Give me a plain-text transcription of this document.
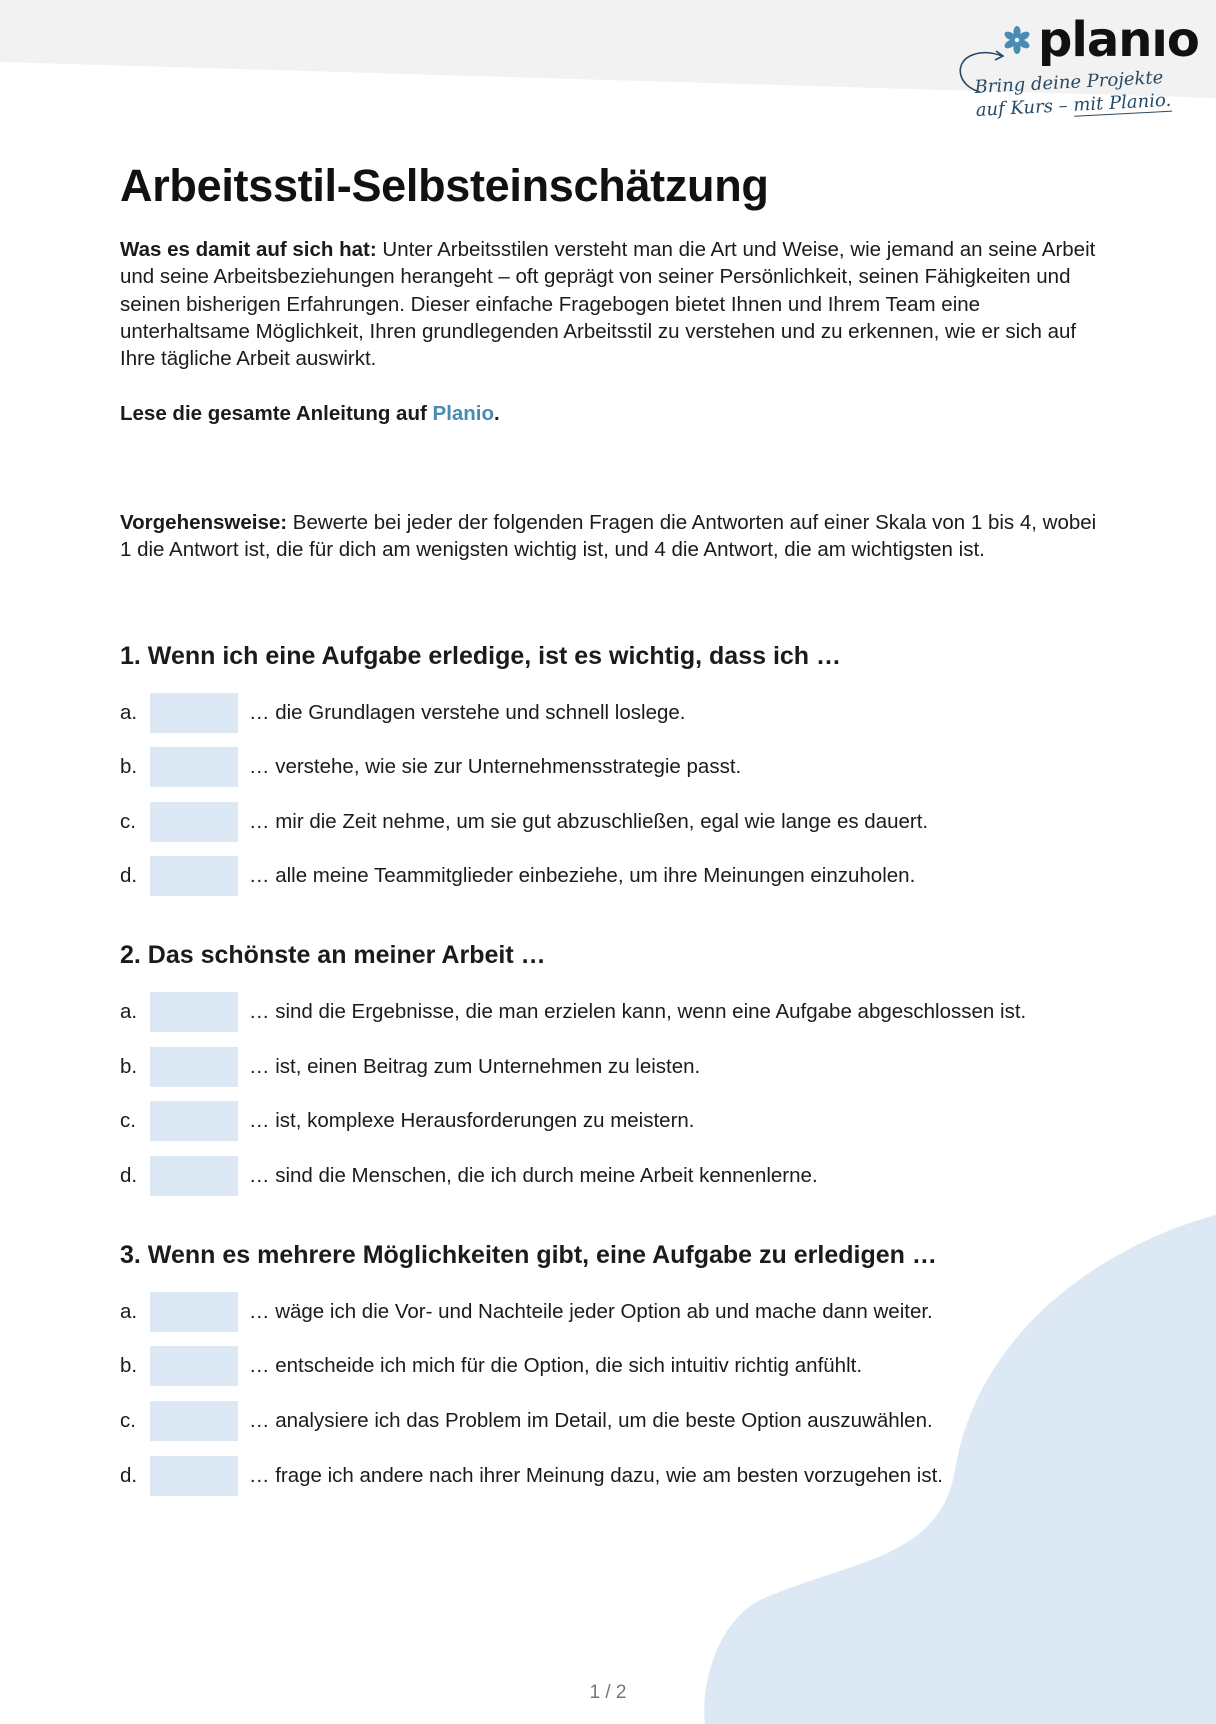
planıo
Bring deine Projekte
auf Kurs – mit Planio.
Arbeitsstil-Selbsteinschätzung

Was es damit auf sich hat: Unter Arbeitsstilen versteht man die Art und Weise, wie jemand an seine Arbeit und seine Arbeitsbeziehungen herangeht – oft geprägt von seiner Persönlichkeit, seinen Fähigkeiten und seinen bisherigen Erfahrungen. Dieser einfache Fragebogen bietet Ihnen und Ihrem Team eine unterhaltsame Möglichkeit, Ihren grundlegenden Arbeitsstil zu verstehen und zu erkennen, wie er sich auf Ihre tägliche Arbeit auswirkt.

Lese die gesamte Anleitung auf Planio.

Vorgehensweise: Bewerte bei jeder der folgenden Fragen die Antworten auf einer Skala von 1 bis 4, wobei 1 die Antwort ist, die für dich am wenigsten wichtig ist, und 4 die Antwort, die am wichtigsten ist.

1. Wenn ich eine Aufgabe erledige, ist es wichtig, dass ich …
a.	… die Grundlagen verstehe und schnell loslege.
b.	… verstehe, wie sie zur Unternehmensstrategie passt.
c.	… mir die Zeit nehme, um sie gut abzuschließen, egal wie lange es dauert.
d.	… alle meine Teammitglieder einbeziehe, um ihre Meinungen einzuholen.
2. Das schönste an meiner Arbeit …
a.	… sind die Ergebnisse, die man erzielen kann, wenn eine Aufgabe abgeschlossen ist.
b.	… ist, einen Beitrag zum Unternehmen zu leisten.
c.	… ist, komplexe Herausforderungen zu meistern.
d.	… sind die Menschen, die ich durch meine Arbeit kennenlerne.
3. Wenn es mehrere Möglichkeiten gibt, eine Aufgabe zu erledigen …
a.	… wäge ich die Vor- und Nachteile jeder Option ab und mache dann weiter.
b.	… entscheide ich mich für die Option, die sich intuitiv richtig anfühlt.
c.	… analysiere ich das Problem im Detail, um die beste Option auszuwählen.
d.	… frage ich andere nach ihrer Meinung dazu, wie am besten vorzugehen ist.
1 / 2
